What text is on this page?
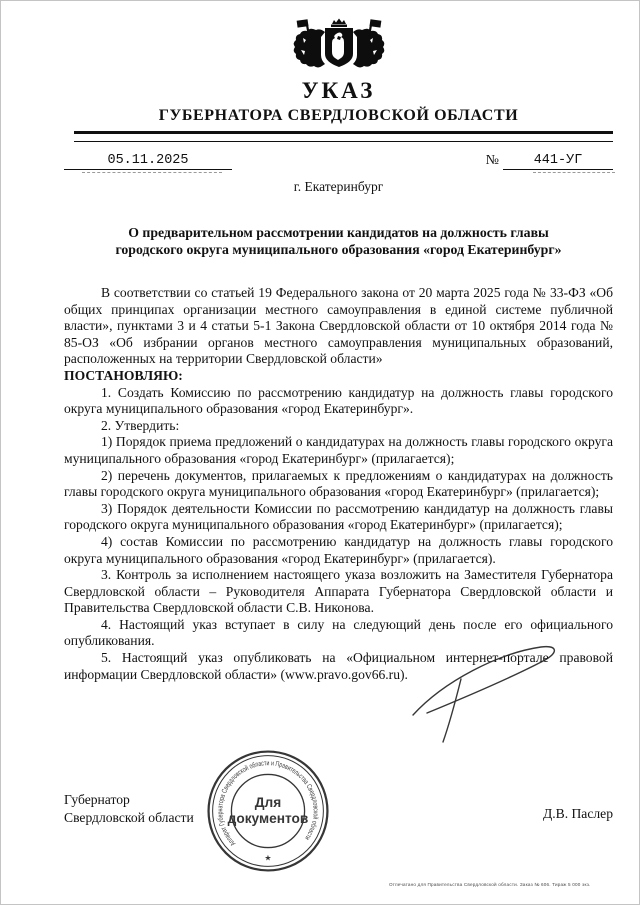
УКАЗ
ГУБЕРНАТОРА СВЕРДЛОВСКОЙ ОБЛАСТИ
05.11.2025	№	441-УГ
г. Екатеринбург
О предварительном рассмотрении кандидатов на должность главы
городского округа муниципального образования «город Екатеринбург»

В соответствии со статьей 19 Федерального закона от 20 марта 2025 года № 33-ФЗ «Об общих принципах организации местного самоуправления в единой системе публичной власти», пунктами 3 и 4 статьи 5-1 Закона Свердловской области от 10 октября 2014 года № 85-ОЗ «Об избрании органов местного самоуправления муниципальных образований, расположенных на территории Свердловской области»

ПОСТАНОВЛЯЮ:

1. Создать Комиссию по рассмотрению кандидатур на должность главы городского округа муниципального образования «город Екатеринбург».

2. Утвердить:

1) Порядок приема предложений о кандидатурах на должность главы городского округа муниципального образования «город Екатеринбург» (прилагается);

2) перечень документов, прилагаемых к предложениям о кандидатурах на должность главы городского округа муниципального образования «город Екатеринбург» (прилагается);

3) Порядок деятельности Комиссии по рассмотрению кандидатур на должность главы городского округа муниципального образования «город Екатеринбург» (прилагается);

4) состав Комиссии по рассмотрению кандидатур на должность главы городского округа муниципального образования «город Екатеринбург» (прилагается).

3. Контроль за исполнением настоящего указа возложить на Заместителя Губернатора Свердловской области – Руководителя Аппарата Губернатора Свердловской области и Правительства Свердловской области С.В. Никонова.

4. Настоящий указ вступает в силу на следующий день после его официального опубликования.

5. Настоящий указ опубликовать на «Официальном интернет-портале правовой информации Свердловской области» (www.pravo.gov66.ru).

Губернатор
Свердловской области	Д.В. Паслер
Аппарат Губернатора Свердловской области и Правительства Свердловской области
★
Для
документов
Отпечатано для Правительства Свердловской области. Заказ № 606. Тираж 5 000 экз.
